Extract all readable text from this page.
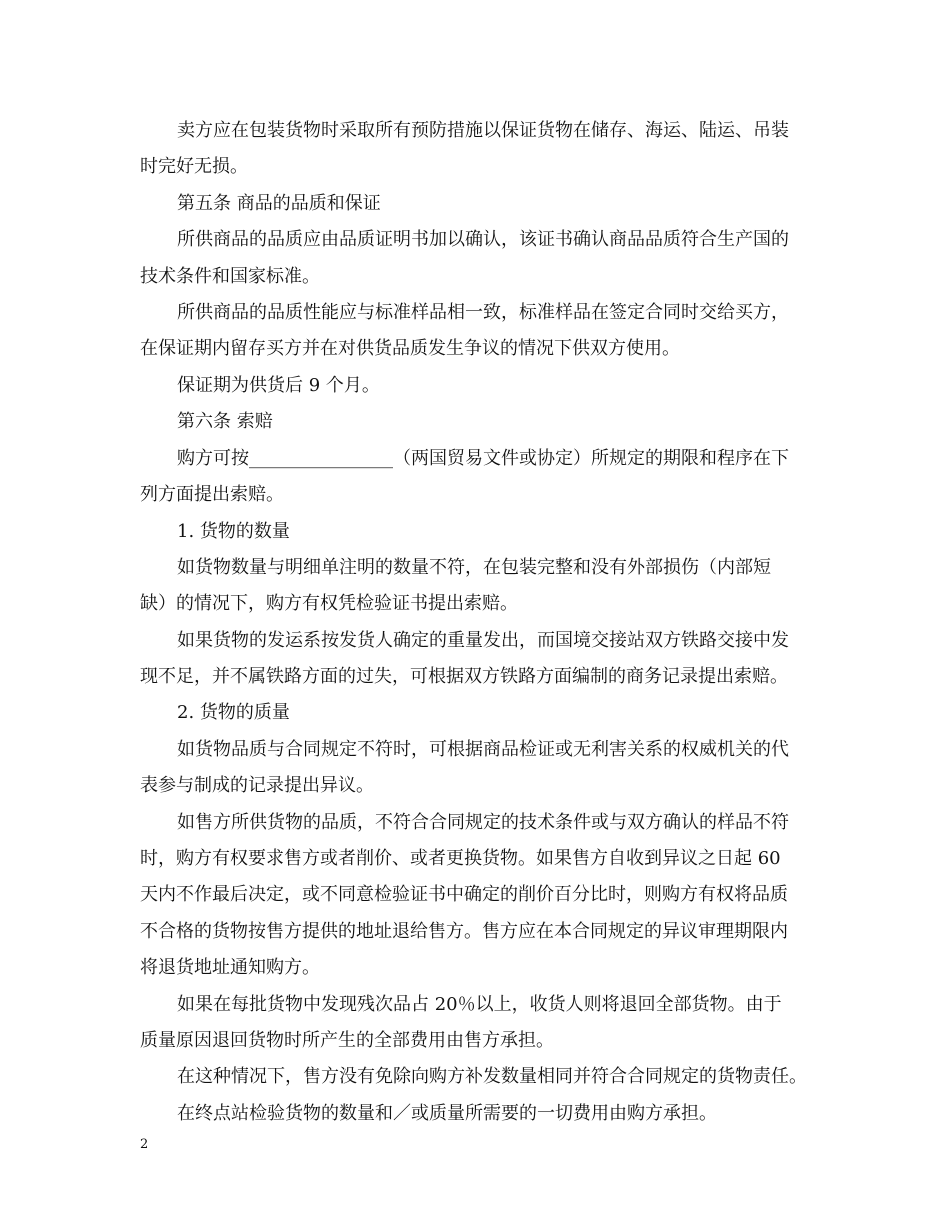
卖方应在包装货物时采取所有预防措施以保证货物在储存、海运、陆运、吊装
时完好无损。
第五条 商品的品质和保证
所供商品的品质应由品质证明书加以确认，该证书确认商品品质符合生产国的
技术条件和国家标准。
所供商品的品质性能应与标准样品相一致，标准样品在签定合同时交给买方，
在保证期内留存买方并在对供货品质发生争议的情况下供双方使用。
保证期为供货后 9 个月。
第六条 索赔
购方可按________________（两国贸易文件或协定）所规定的期限和程序在下
列方面提出索赔。
1. 货物的数量
如货物数量与明细单注明的数量不符，在包装完整和没有外部损伤（内部短
缺）的情况下，购方有权凭检验证书提出索赔。
如果货物的发运系按发货人确定的重量发出，而国境交接站双方铁路交接中发
现不足，并不属铁路方面的过失，可根据双方铁路方面编制的商务记录提出索赔。
2. 货物的质量
如货物品质与合同规定不符时，可根据商品检证或无利害关系的权威机关的代
表参与制成的记录提出异议。
如售方所供货物的品质，不符合合同规定的技术条件或与双方确认的样品不符
时，购方有权要求售方或者削价、或者更换货物。如果售方自收到异议之日起 60
天内不作最后决定，或不同意检验证书中确定的削价百分比时，则购方有权将品质
不合格的货物按售方提供的地址退给售方。售方应在本合同规定的异议审理期限内
将退货地址通知购方。
如果在每批货物中发现残次品占 20％以上，收货人则将退回全部货物。由于
质量原因退回货物时所产生的全部费用由售方承担。
在这种情况下，售方没有免除向购方补发数量相同并符合合同规定的货物责任。
在终点站检验货物的数量和／或质量所需要的一切费用由购方承担。
2
